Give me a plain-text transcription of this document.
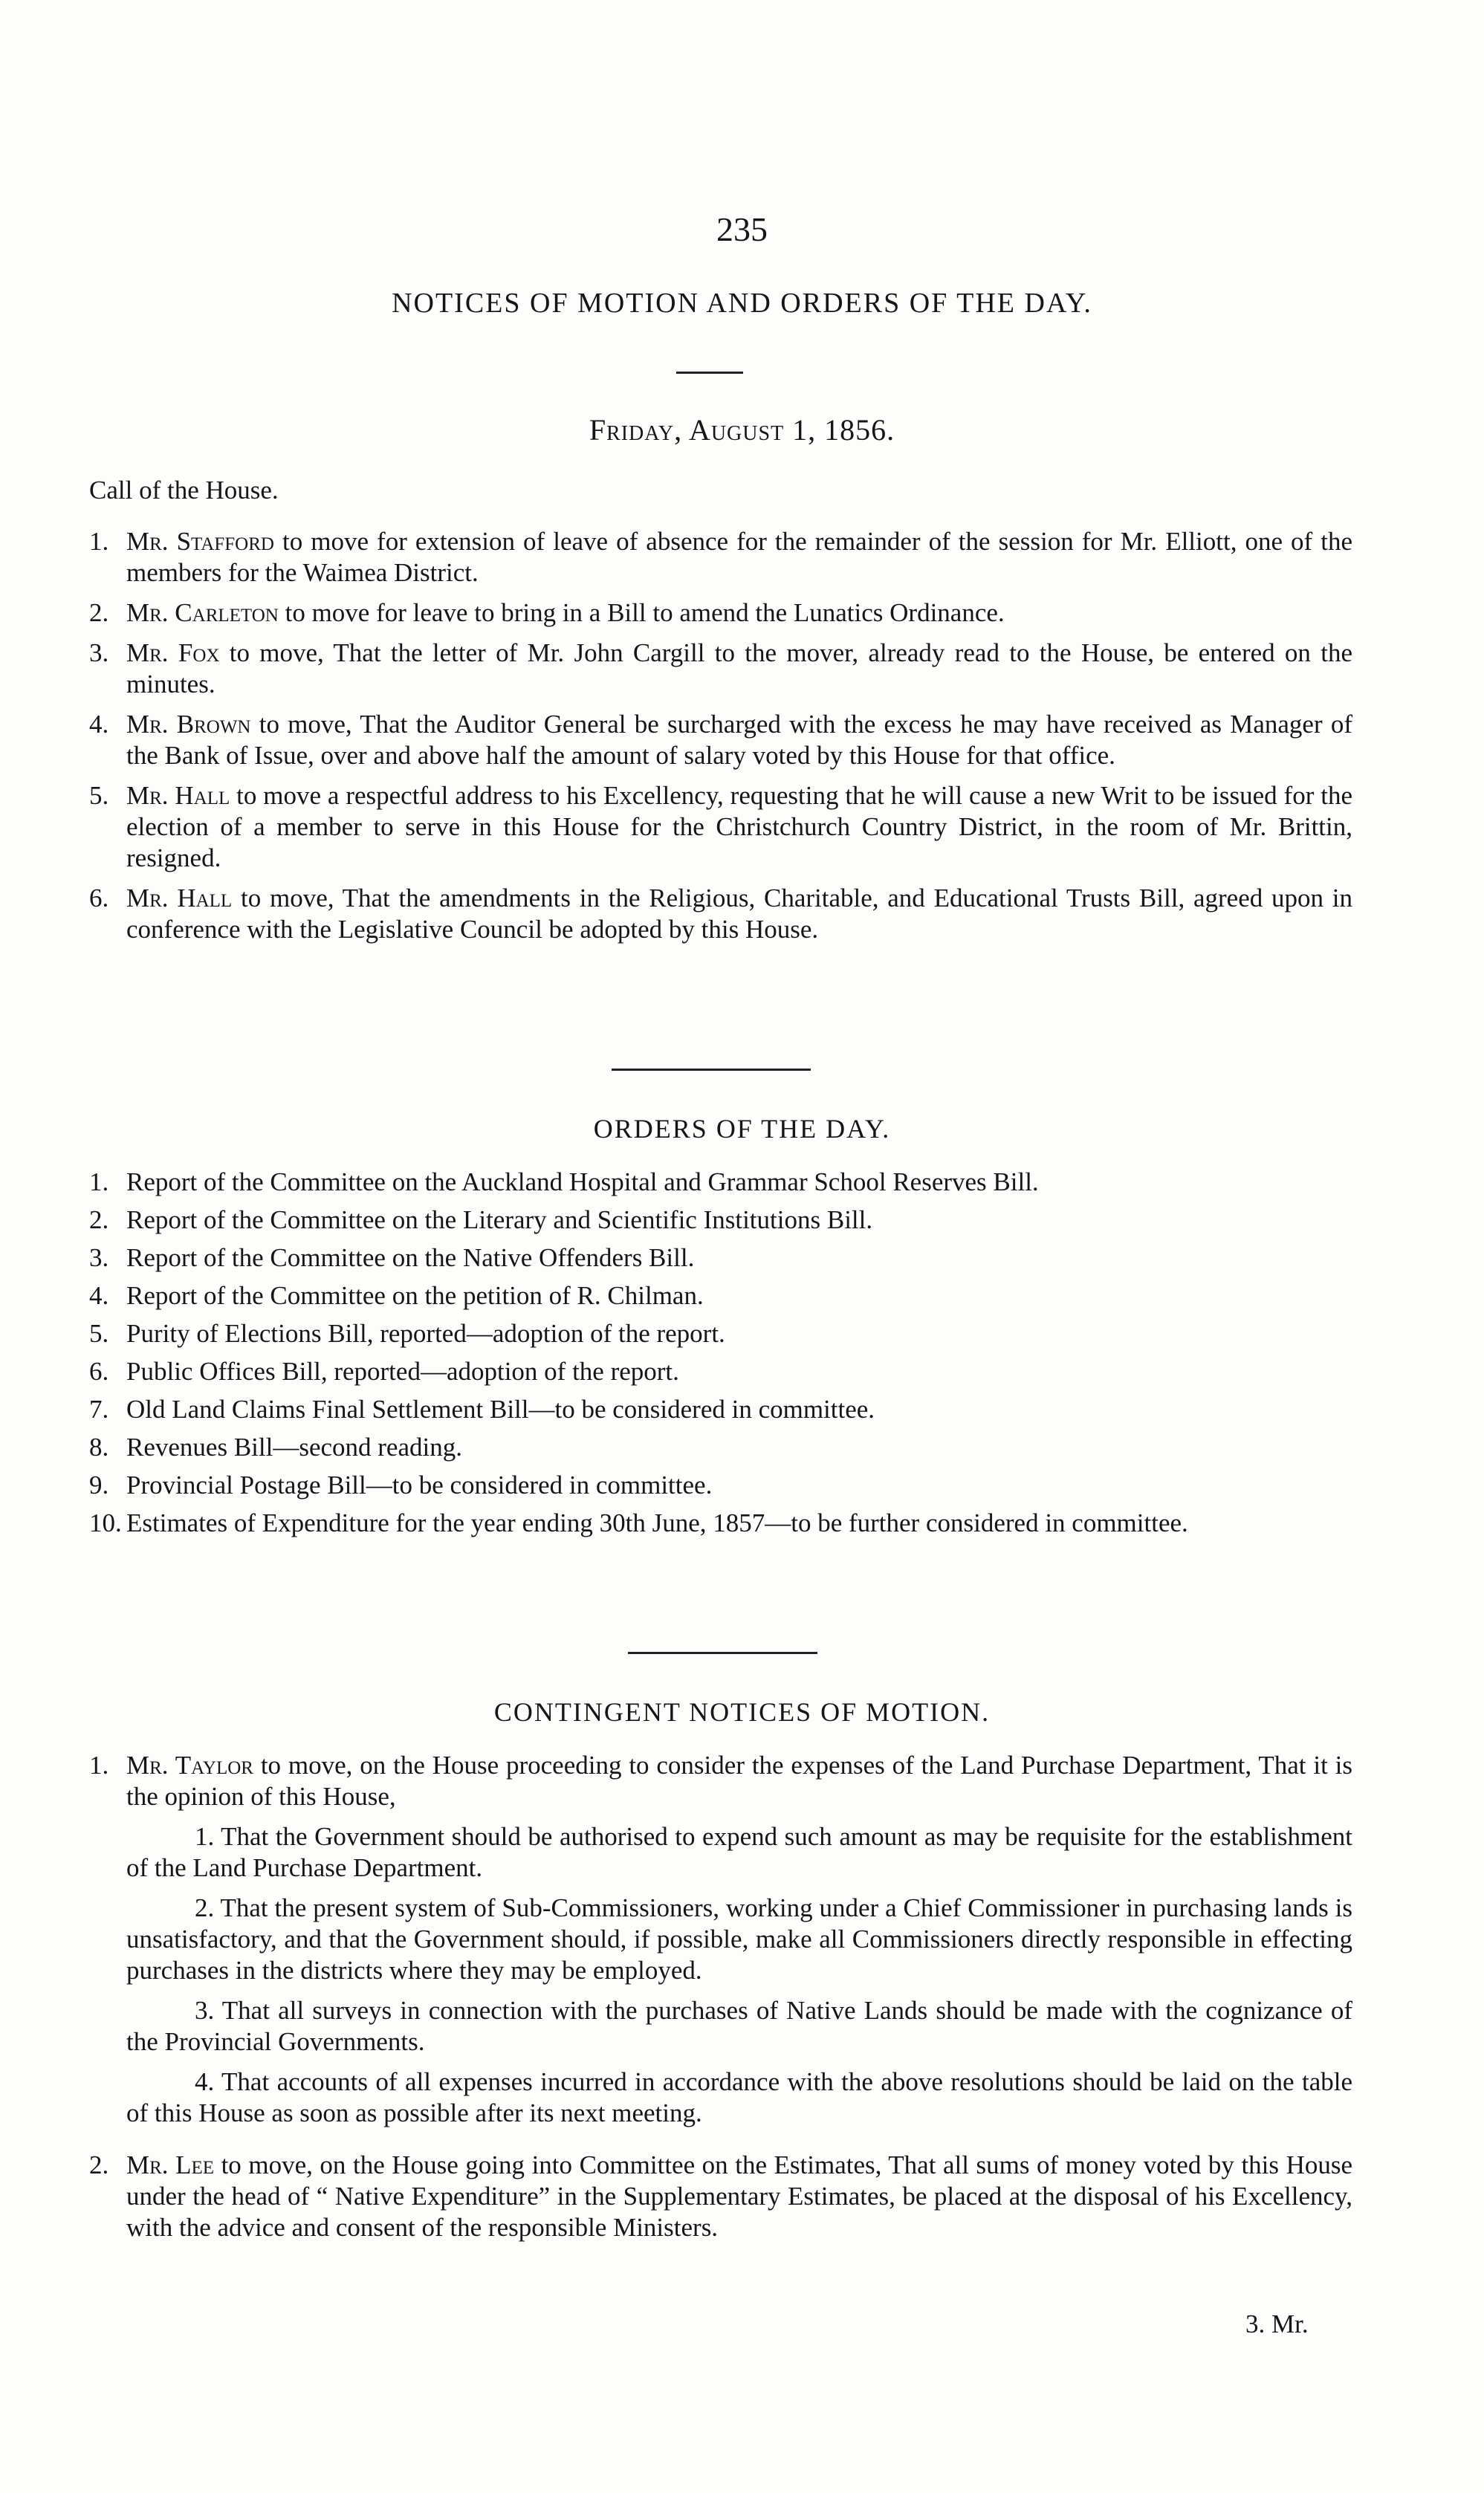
235
NOTICES OF MOTION AND ORDERS OF THE DAY.
Friday, August 1, 1856.
Call of the House.
1. Mr. Stafford to move for extension of leave of absence for the remainder of the session for Mr. Elliott, one of the members for the Waimea District.
2. Mr. Carleton to move for leave to bring in a Bill to amend the Lunatics Ordinance.
3. Mr. Fox to move, That the letter of Mr. John Cargill to the mover, already read to the House, be entered on the minutes.
4. Mr. Brown to move, That the Auditor General be surcharged with the excess he may have received as Manager of the Bank of Issue, over and above half the amount of salary voted by this House for that office.
5. Mr. Hall to move a respectful address to his Excellency, requesting that he will cause a new Writ to be issued for the election of a member to serve in this House for the Christchurch Country District, in the room of Mr. Brittin, resigned.
6. Mr. Hall to move, That the amendments in the Religious, Charitable, and Educational Trusts Bill, agreed upon in conference with the Legislative Council be adopted by this House.
ORDERS OF THE DAY.
1. Report of the Committee on the Auckland Hospital and Grammar School Reserves Bill.
2. Report of the Committee on the Literary and Scientific Institutions Bill.
3. Report of the Committee on the Native Offenders Bill.
4. Report of the Committee on the petition of R. Chilman.
5. Purity of Elections Bill, reported—adoption of the report.
6. Public Offices Bill, reported—adoption of the report.
7. Old Land Claims Final Settlement Bill—to be considered in committee.
8. Revenues Bill—second reading.
9. Provincial Postage Bill—to be considered in committee.
10. Estimates of Expenditure for the year ending 30th June, 1857—to be further considered in committee.
CONTINGENT NOTICES OF MOTION.
1. Mr. Taylor to move, on the House proceeding to consider the expenses of the Land Purchase Department, That it is the opinion of this House,
1. That the Government should be authorised to expend such amount as may be requisite for the establishment of the Land Purchase Department.
2. That the present system of Sub-Commissioners, working under a Chief Commissioner in purchasing lands is unsatisfactory, and that the Government should, if possible, make all Commissioners directly responsible in effecting purchases in the districts where they may be employed.
3. That all surveys in connection with the purchases of Native Lands should be made with the cognizance of the Provincial Governments.
4. That accounts of all expenses incurred in accordance with the above resolutions should be laid on the table of this House as soon as possible after its next meeting.
2. Mr. Lee to move, on the House going into Committee on the Estimates, That all sums of money voted by this House under the head of “ Native Expenditure” in the Supplementary Estimates, be placed at the disposal of his Excellency, with the advice and consent of the responsible Ministers.
3. Mr.
